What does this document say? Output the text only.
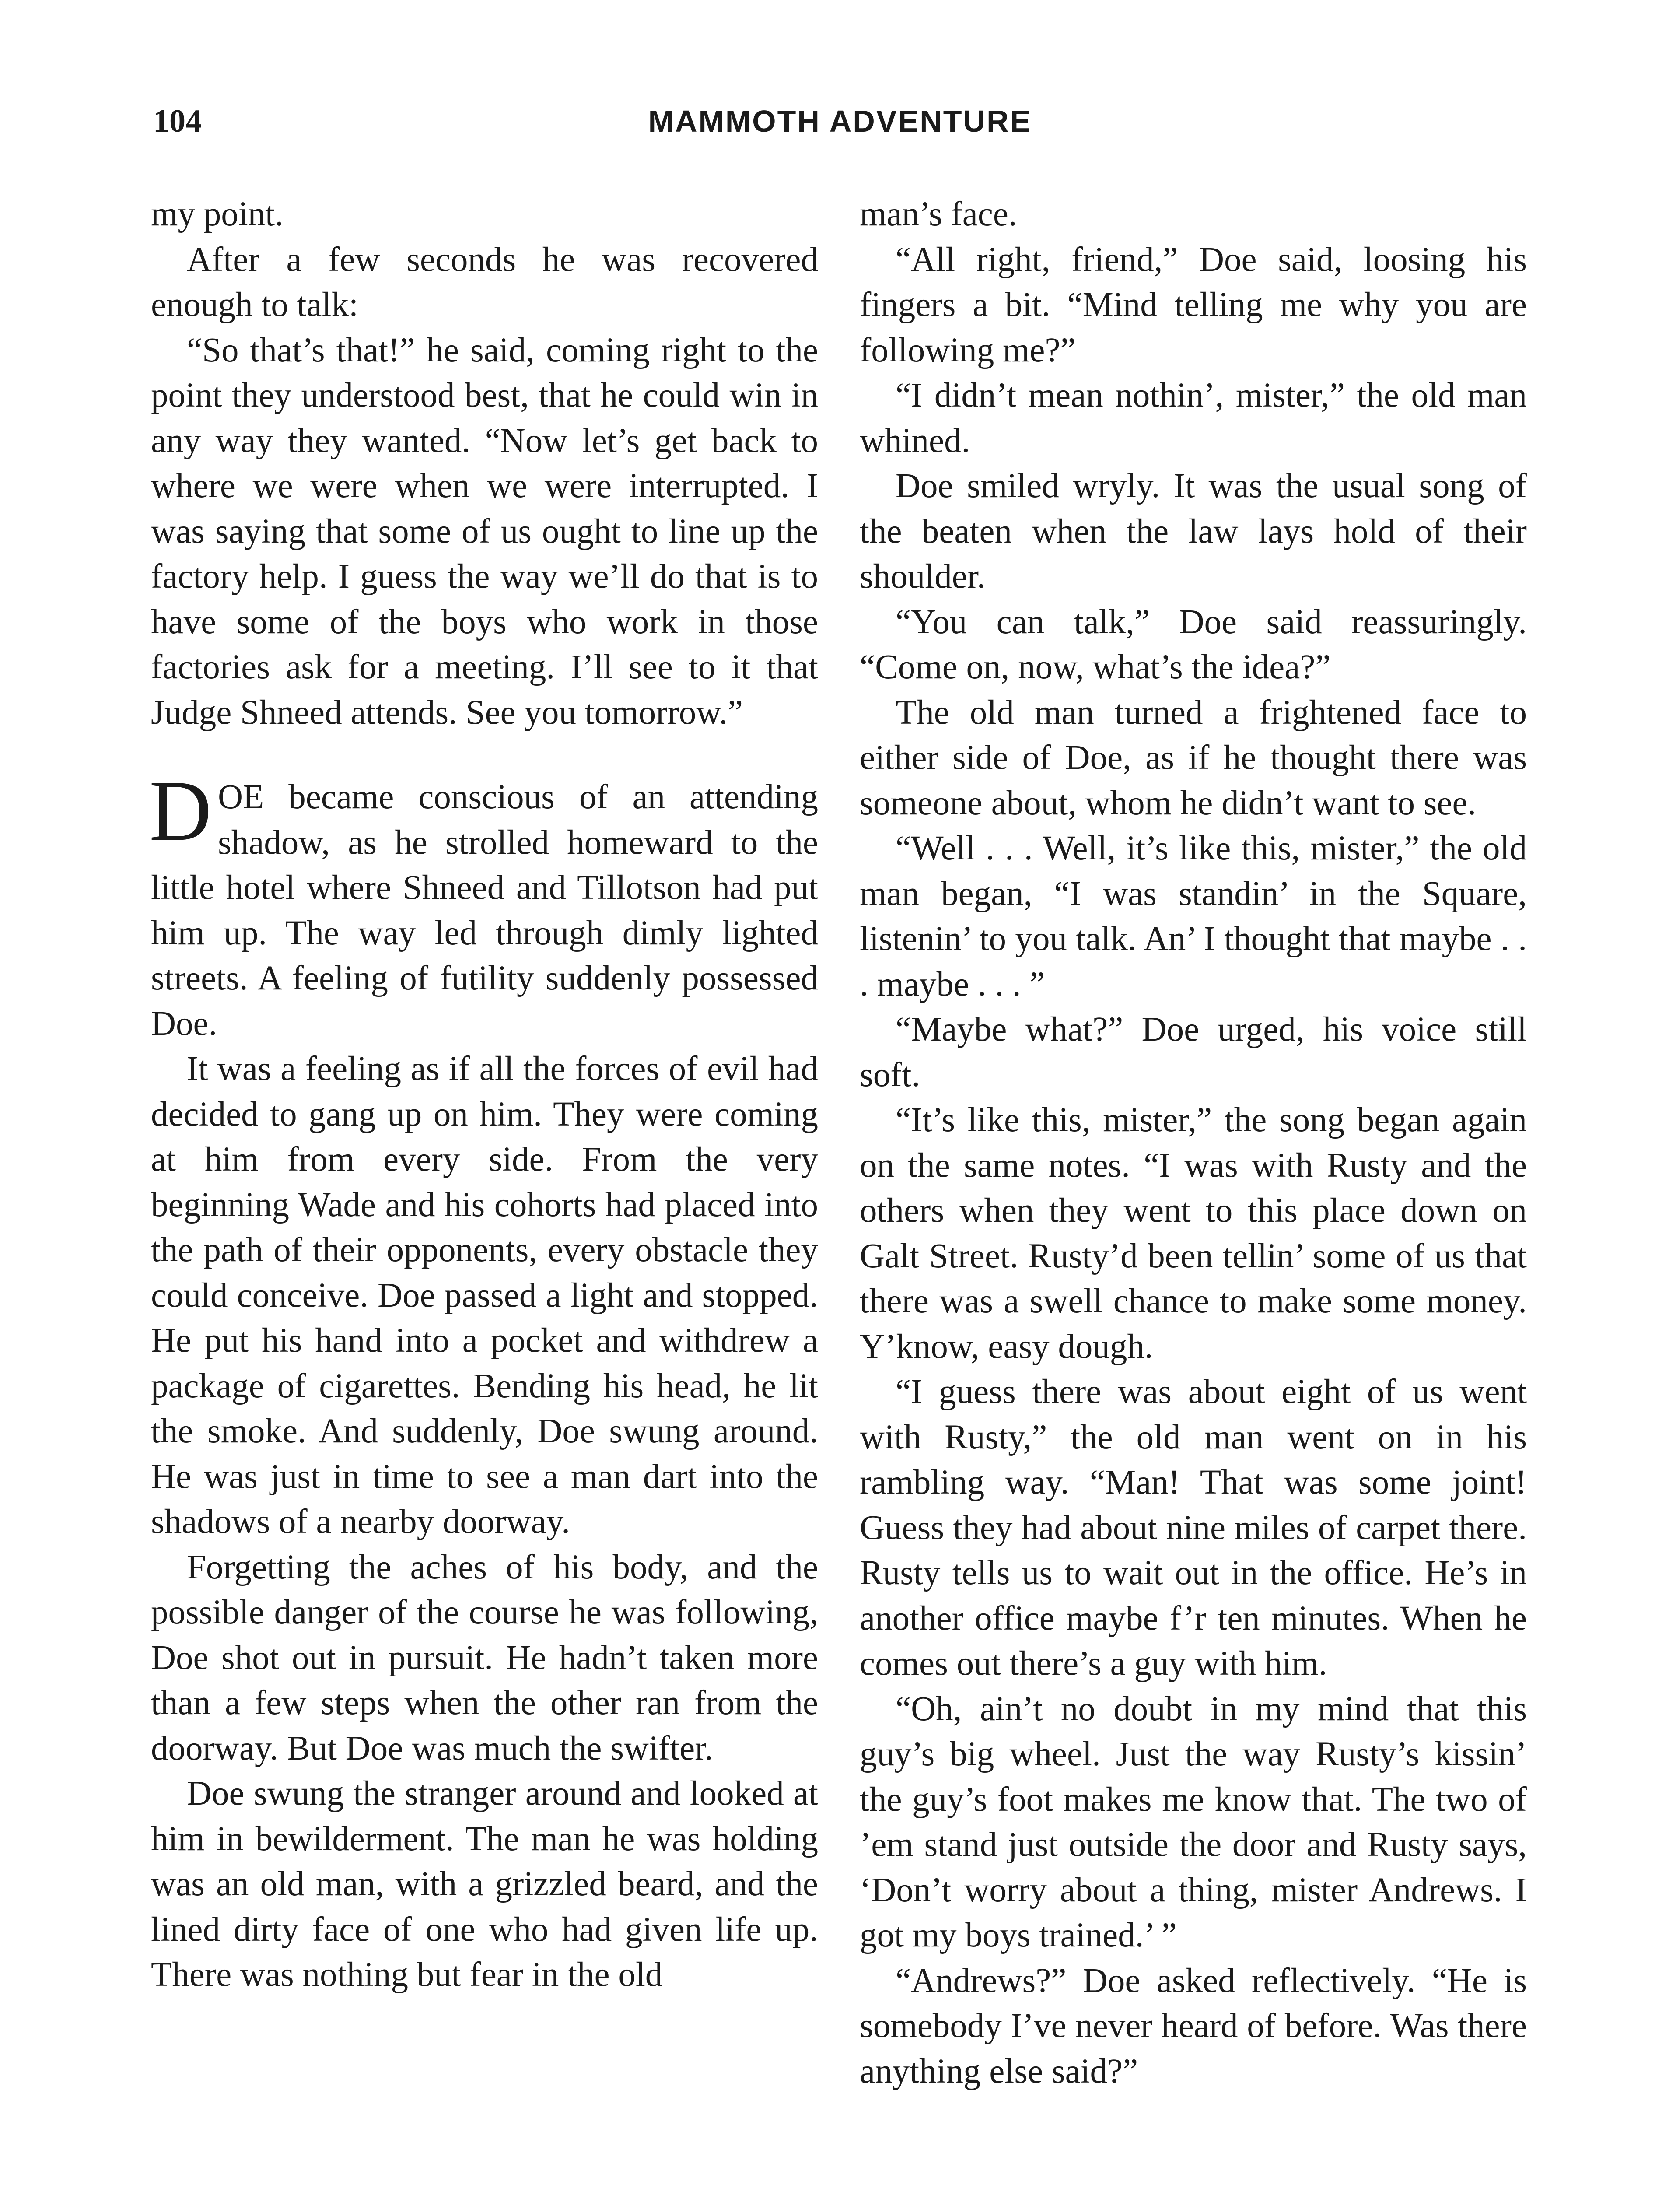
104	MAMMOTH ADVENTURE

my point.

After a few seconds he was recovered enough to talk:

“So that’s that!” he said, coming right to the point they understood best, that he could win in any way they wanted. “Now let’s get back to where we were when we were interrupted. I was saying that some of us ought to line up the factory help. I guess the way we’ll do that is to have some of the boys who work in those factories ask for a meeting. I’ll see to it that Judge Shneed attends. See you tomorrow.”

DOE became conscious of an attending shadow, as he strolled homeward to the little hotel where Shneed and Tillotson had put him up. The way led through dimly lighted streets. A feeling of futility suddenly possessed Doe.

It was a feeling as if all the forces of evil had decided to gang up on him. They were coming at him from every side. From the very beginning Wade and his cohorts had placed into the path of their opponents, every obstacle they could conceive. Doe passed a light and stopped. He put his hand into a pocket and withdrew a package of cigarettes. Bending his head, he lit the smoke. And suddenly, Doe swung around. He was just in time to see a man dart into the shadows of a nearby doorway.

Forgetting the aches of his body, and the possible danger of the course he was following, Doe shot out in pursuit. He hadn’t taken more than a few steps when the other ran from the doorway. But Doe was much the swifter.

Doe swung the stranger around and looked at him in bewilderment. The man he was holding was an old man, with a grizzled beard, and the lined dirty face of one who had given life up. There was nothing but fear in the old

man’s face.

“All right, friend,” Doe said, loosing his fingers a bit. “Mind telling me why you are following me?”

“I didn’t mean nothin’, mister,” the old man whined.

Doe smiled wryly. It was the usual song of the beaten when the law lays hold of their shoulder.

“You can talk,” Doe said reassuringly. “Come on, now, what’s the idea?”

The old man turned a frightened face to either side of Doe, as if he thought there was someone about, whom he didn’t want to see.

“Well . . . Well, it’s like this, mister,” the old man began, “I was standin’ in the Square, listenin’ to you talk. An’ I thought that maybe . . . maybe . . . ”

“Maybe what?” Doe urged, his voice still soft.

“It’s like this, mister,” the song began again on the same notes. “I was with Rusty and the others when they went to this place down on Galt Street. Rusty’d been tellin’ some of us that there was a swell chance to make some money. Y’know, easy dough.

“I guess there was about eight of us went with Rusty,” the old man went on in his rambling way. “Man! That was some joint! Guess they had about nine miles of carpet there. Rusty tells us to wait out in the office. He’s in another office maybe f’r ten minutes. When he comes out there’s a guy with him.

“Oh, ain’t no doubt in my mind that this guy’s big wheel. Just the way Rusty’s kissin’ the guy’s foot makes me know that. The two of ’em stand just outside the door and Rusty says, ‘Don’t worry about a thing, mister Andrews. I got my boys trained.’ ”

“Andrews?” Doe asked reflectively. “He is somebody I’ve never heard of before. Was there anything else said?”
